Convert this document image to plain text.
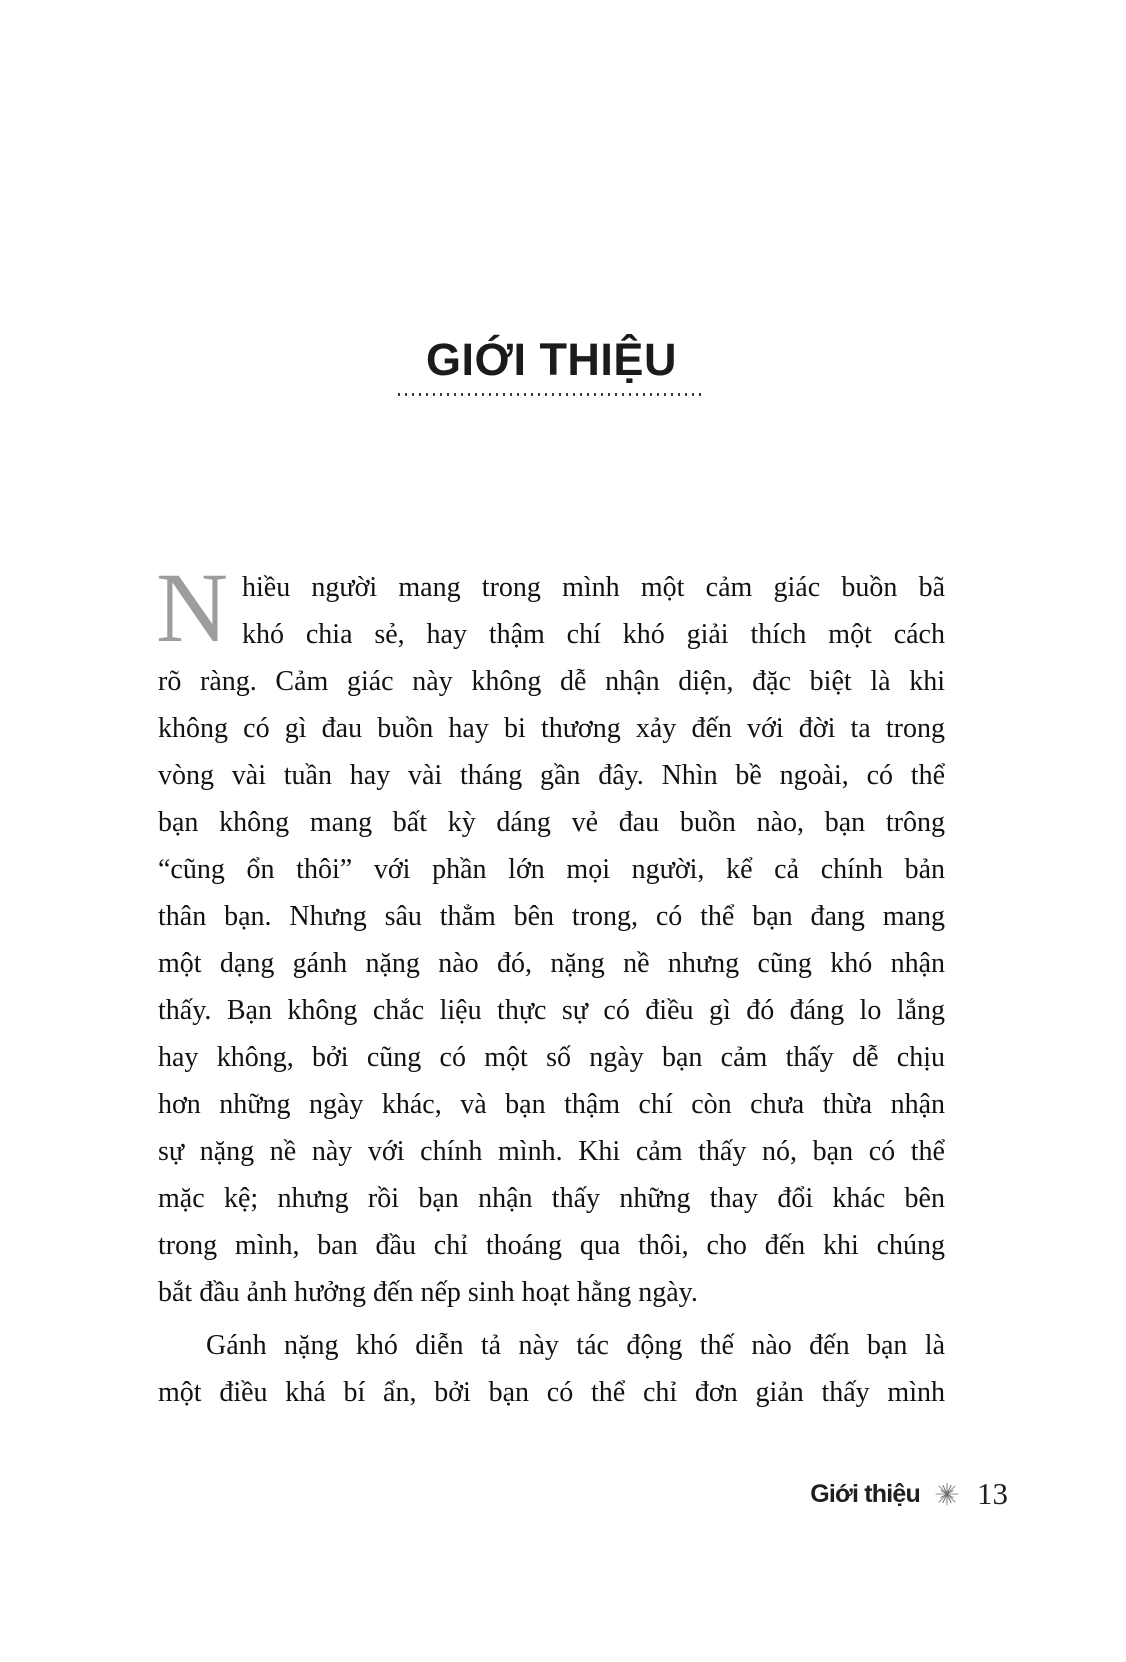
GIỚI THIỆU
N hiều người mang trong mình một cảm giác buồn bã
khó chia sẻ, hay thậm chí khó giải thích một cách
rõ ràng. Cảm giác này không dễ nhận diện, đặc biệt là khi
không có gì đau buồn hay bi thương xảy đến với đời ta trong
vòng vài tuần hay vài tháng gần đây. Nhìn bề ngoài, có thể
bạn không mang bất kỳ dáng vẻ đau buồn nào, bạn trông
“cũng ổn thôi” với phần lớn mọi người, kể cả chính bản
thân bạn. Nhưng sâu thẳm bên trong, có thể bạn đang mang
một dạng gánh nặng nào đó, nặng nề nhưng cũng khó nhận
thấy. Bạn không chắc liệu thực sự có điều gì đó đáng lo lắng
hay không, bởi cũng có một số ngày bạn cảm thấy dễ chịu
hơn những ngày khác, và bạn thậm chí còn chưa thừa nhận
sự nặng nề này với chính mình. Khi cảm thấy nó, bạn có thể
mặc kệ; nhưng rồi bạn nhận thấy những thay đổi khác bên
trong mình, ban đầu chỉ thoáng qua thôi, cho đến khi chúng
bắt đầu ảnh hưởng đến nếp sinh hoạt hằng ngày.
Gánh nặng khó diễn tả này tác động thế nào đến bạn là
một điều khá bí ẩn, bởi bạn có thể chỉ đơn giản thấy mình
Giới thiệu 13
